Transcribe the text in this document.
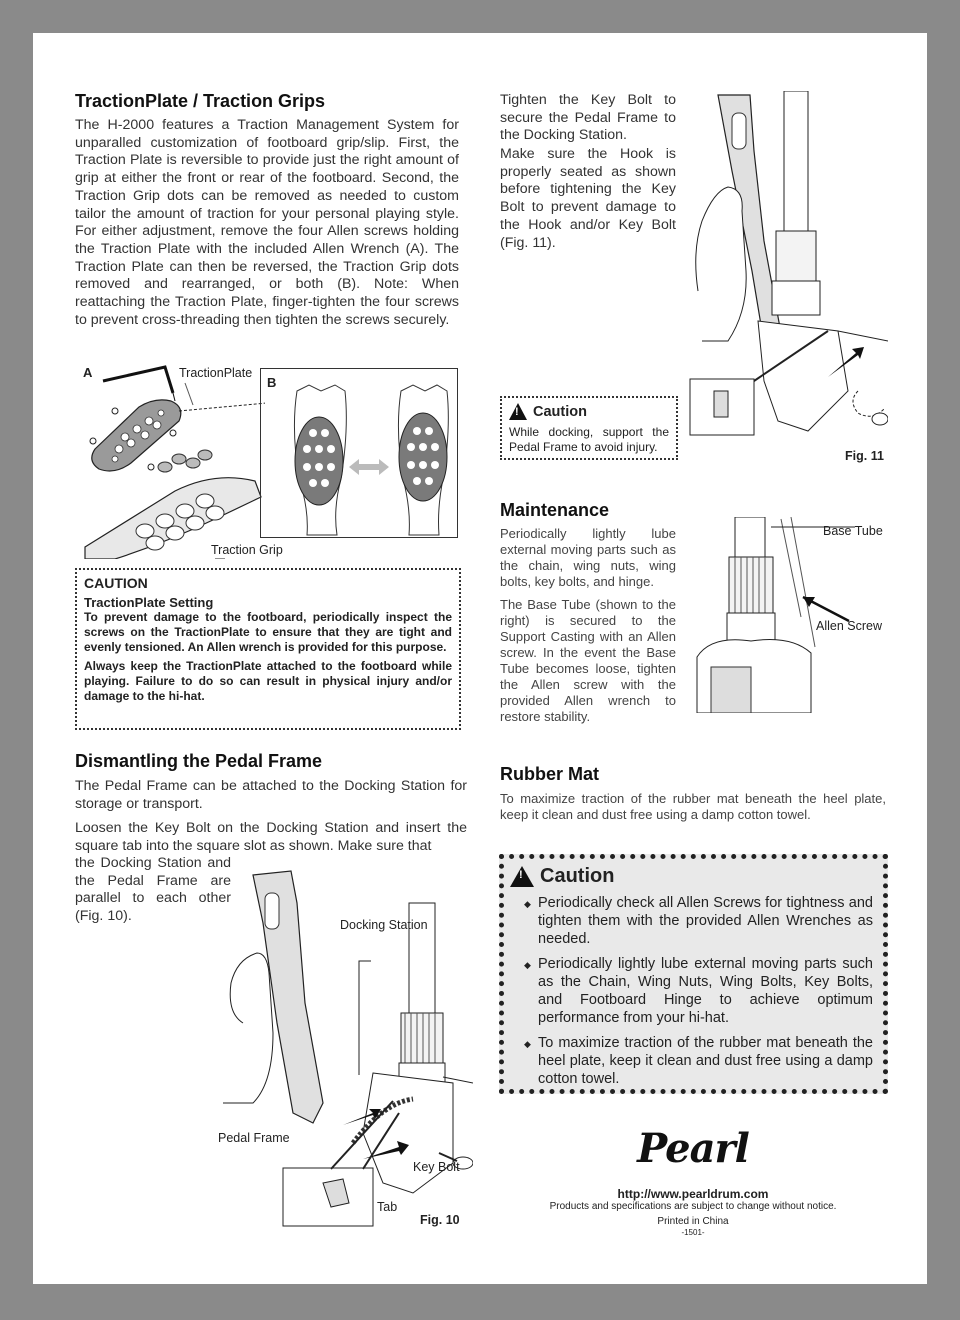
TractionPlate / Traction Grips

The H-2000 features a Traction Management System for unparalled customization of footboard grip/slip. First, the Traction Plate is reversible to provide just the right amount of grip at either the front or rear of the footboard. Second, the Traction Grip dots can be removed as needed to custom tailor the amount of traction for your personal playing style. For either adjustment, remove the four Allen screws holding the Traction Plate with the included Allen Wrench (A). The Traction Plate can then be reversed, the Traction Grip dots removed and rearranged, or both (B). Note: When reattaching the Traction Plate, finger-tighten the four screws to prevent cross-threading then tighten the screws securely.

A	TractionPlate
Traction Grip
B
CAUTION
TractionPlate Setting
To prevent damage to the footboard, periodically inspect the screws on the TractionPlate to ensure that they are tight and evenly tensioned. An Allen wrench is provided for this purpose.
Always keep the TractionPlate attached to the footboard while playing. Failure to do so can result in physical injury and/or damage to the hi-hat.
Dismantling the Pedal Frame

The Pedal Frame can be attached to the Docking Station for storage or transport.

Loosen the Key Bolt on the Docking Station and insert the square tab into the square slot as shown. Make sure that

the Docking Station and the Pedal Frame are parallel to each other (Fig. 10).

Docking Station
Pedal Frame
Key Bolt
Tab
Fig. 10

Tighten the Key Bolt to secure the Pedal Frame to the Docking Station.

Make sure the Hook is properly seated as shown before tightening the Key Bolt to prevent damage to the Hook and/or Key Bolt (Fig. 11).

Fig. 11
!
Caution
While docking, support the Pedal Frame to avoid injury.
Maintenance

Periodically lightly lube external moving parts such as the chain, wing nuts, wing bolts, key bolts, and hinge.

The Base Tube (shown to the right) is secured to the Support Casting with an Allen screw. In the event the Base Tube becomes loose, tighten the Allen screw with the provided Allen wrench to restore stability.

Base Tube
Allen Screw
Rubber Mat

To maximize traction of the rubber mat beneath the heel plate, keep it clean and dust free using a damp cotton towel.

!
Caution
◆ Periodically check all Allen Screws for tightness and tighten them with the provided Allen Wrenches as needed.
◆ Periodically lightly lube external moving parts such as the Chain, Wing Nuts, Wing Bolts, Key Bolts, and Footboard Hinge to achieve optimum performance from your hi-hat.
◆ To maximize traction of the rubber mat beneath the heel plate, keep it clean and dust free using a damp cotton towel.
Pearl
http://www.pearldrum.com
Products and specifications are subject to change without notice.
Printed in China
-1501-
